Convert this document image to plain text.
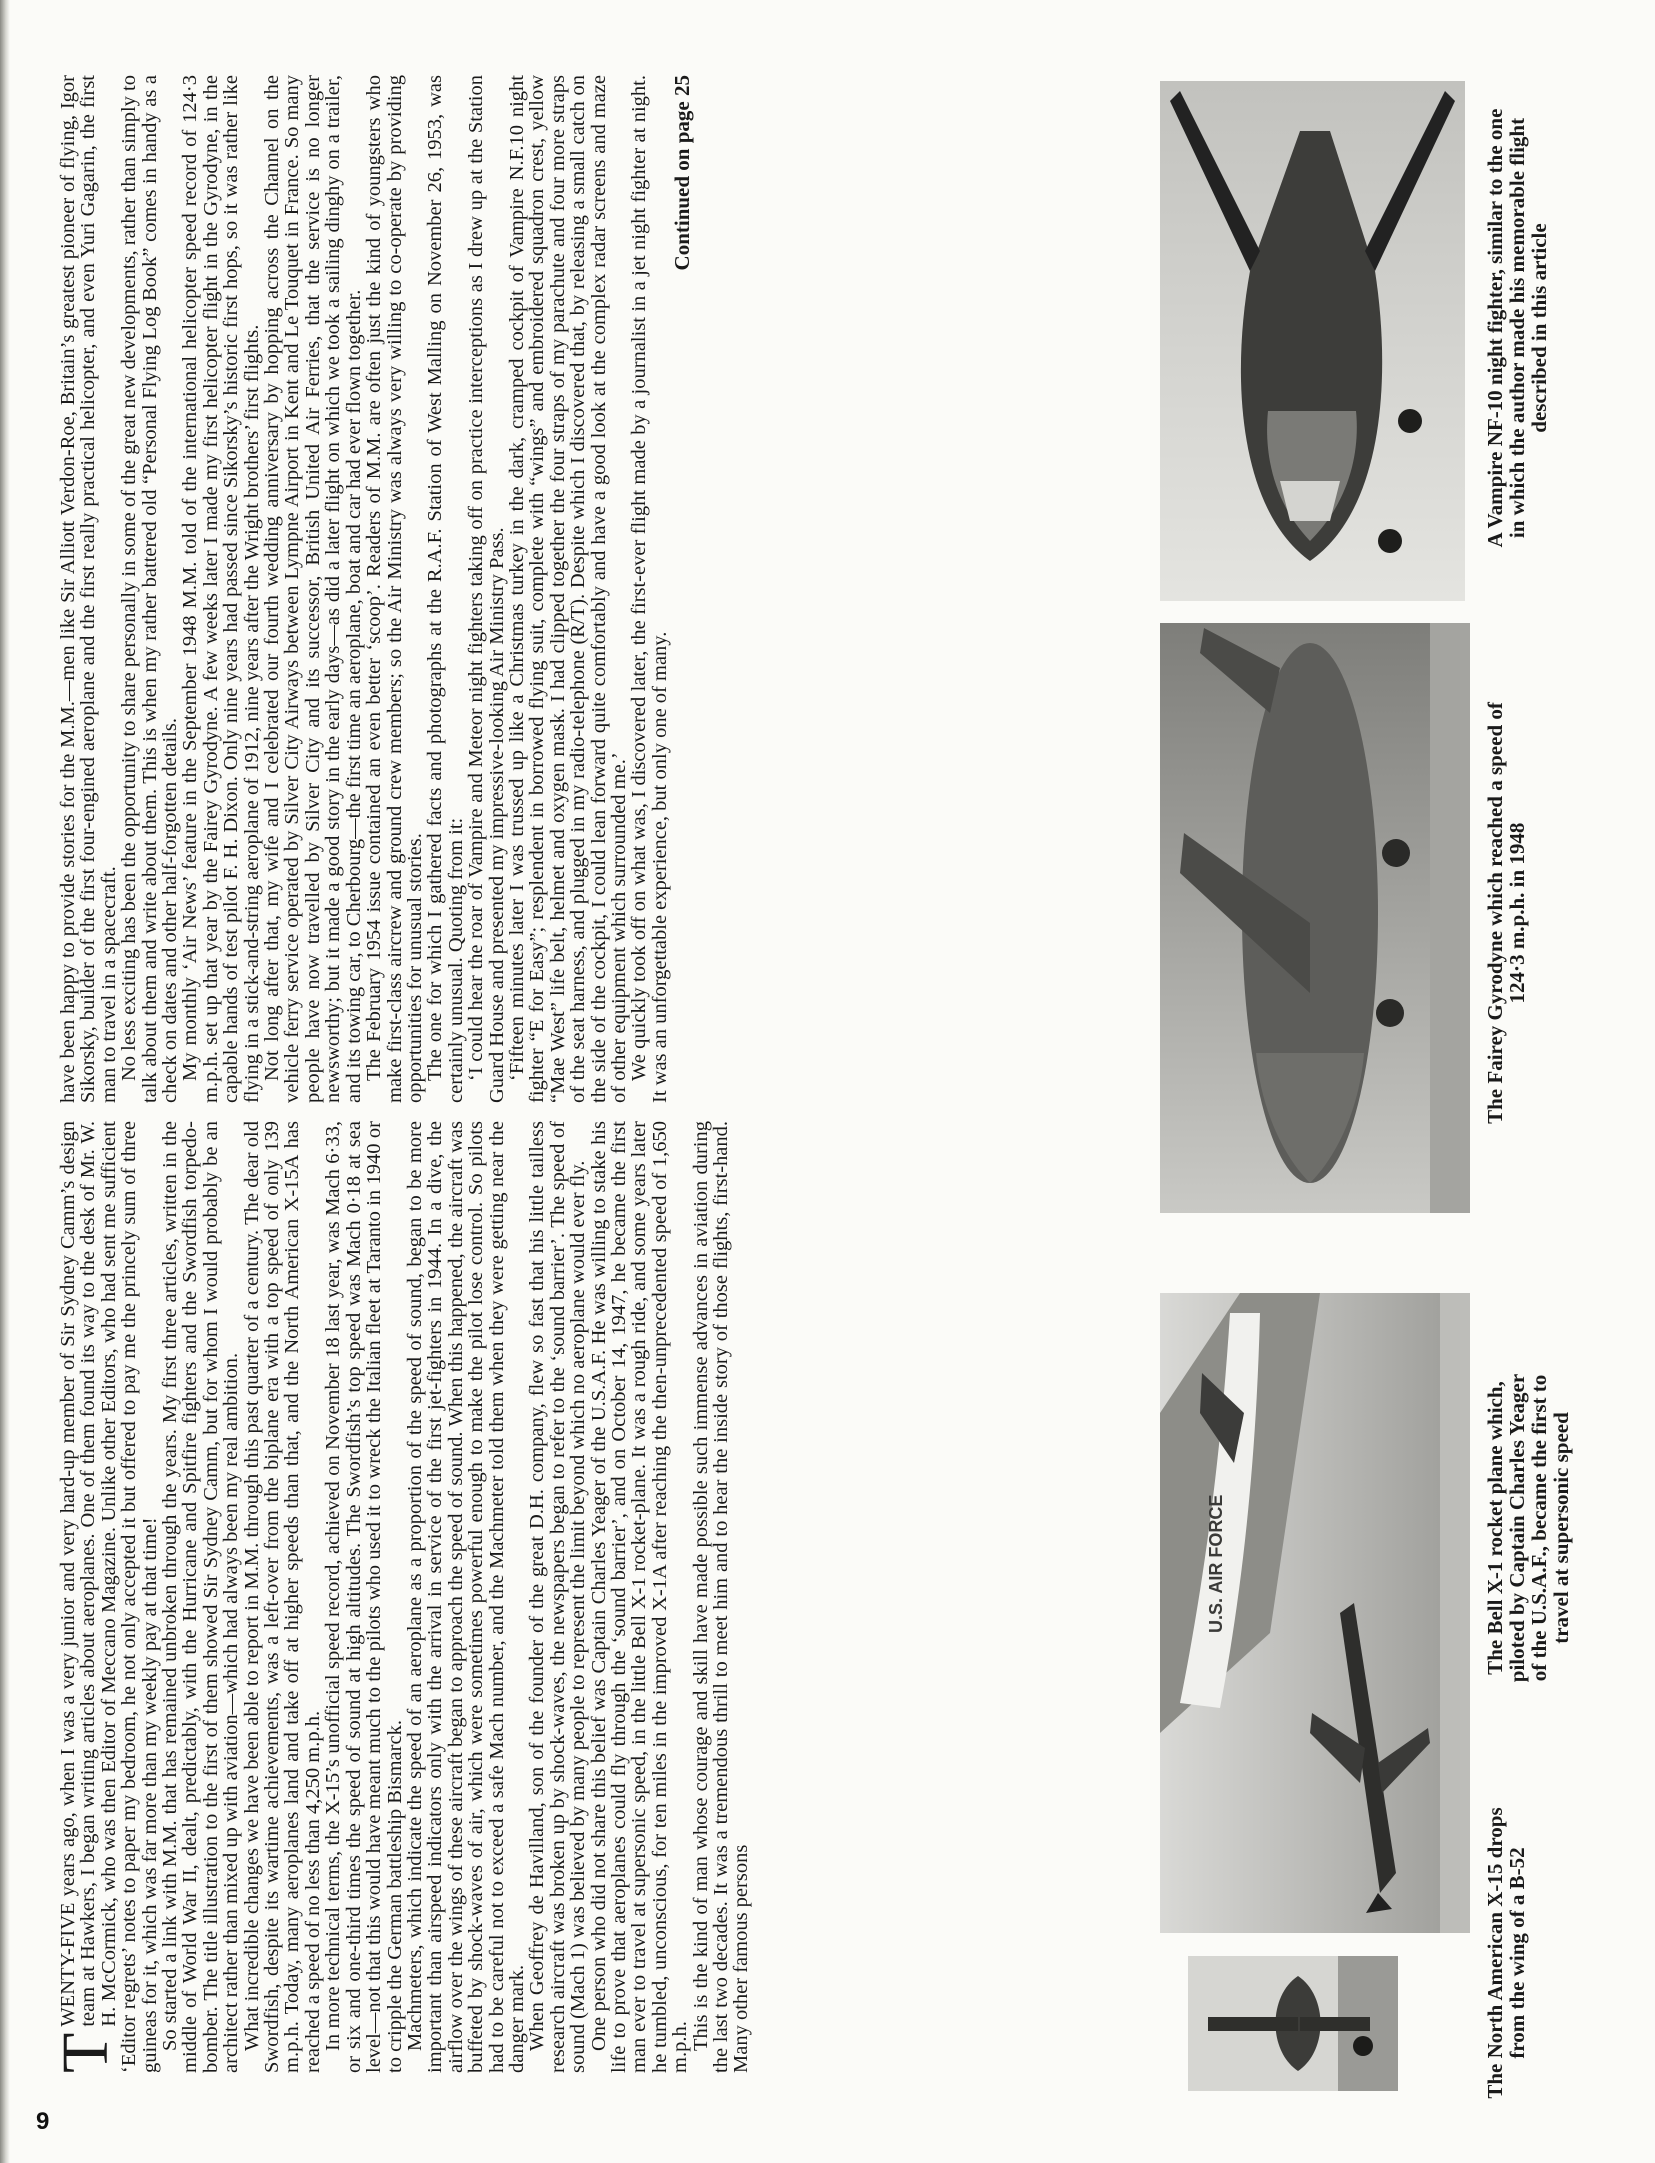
T
WENTY-FIVE years ago, when I was a very junior and very hard-up member of Sir Sydney Camm’s design team at Hawkers, I began writing articles about aeroplanes. One of them found its way to the desk of Mr. W. H. McCormick, who was then Editor of Meccano Magazine. Unlike other Editors, who had sent me sufficient ‘Editor regrets’ notes to paper my bedroom, he not only accepted it but offered to pay me the princely sum of three guineas for it, which was far more than my weekly pay at that time!

So started a link with M.M. that has remained unbroken through the years. My first three articles, written in the middle of World War II, dealt, predictably, with the Hurricane and Spitfire fighters and the Swordfish torpedo-bomber. The title illustration to the first of them showed Sir Sydney Camm, but for whom I would probably be an architect rather than mixed up with aviation—which had always been my real ambition.

What incredible changes we have been able to report in M.M. through this past quarter of a century. The dear old Swordfish, despite its wartime achievements, was a left-over from the biplane era with a top speed of only 139 m.p.h. Today, many aeroplanes land and take off at higher speeds than that, and the North American X-15A has reached a speed of no less than 4,250 m.p.h.

In more technical terms, the X-15’s unofficial speed record, achieved on November 18 last year, was Mach 6·33, or six and one-third times the speed of sound at high altitudes. The Swordfish’s top speed was Mach 0·18 at sea level—not that this would have meant much to the pilots who used it to wreck the Italian fleet at Taranto in 1940 or to cripple the German battleship Bismarck.

Machmeters, which indicate the speed of an aeroplane as a proportion of the speed of sound, began to be more important than airspeed indicators only with the arrival in service of the first jet-fighters in 1944. In a dive, the airflow over the wings of these aircraft began to approach the speed of sound. When this happened, the aircraft was buffeted by shock-waves of air, which were sometimes powerful enough to make the pilot lose control. So pilots had to be careful not to exceed a safe Mach number, and the Machmeter told them when they were getting near the danger mark.

When Geoffrey de Havilland, son of the founder of the great D.H. company, flew so fast that his little tailless research aircraft was broken up by shock-waves, the newspapers began to refer to the ‘sound barrier’. The speed of sound (Mach 1) was believed by many people to represent the limit beyond which no aeroplane would ever fly.

One person who did not share this belief was Captain Charles Yeager of the U.S.A.F. He was willing to stake his life to prove that aeroplanes could fly through the ‘sound barrier’, and on October 14, 1947, he became the first man ever to travel at supersonic speed, in the little Bell X-1 rocket-plane. It was a rough ride, and some years later he tumbled, unconscious, for ten miles in the improved X-1A after reaching the then-unprecedented speed of 1,650 m.p.h.

This is the kind of man whose courage and skill have made possible such immense advances in aviation during the last two decades. It was a tremendous thrill to meet him and to hear the inside story of those flights, first-hand. Many other famous persons

have been happy to provide stories for the M.M.—men like Sir Alliott Verdon-Roe, Britain’s greatest pioneer of flying, Igor Sikorsky, builder of the first four-engined aeroplane and the first really practical helicopter, and even Yuri Gagarin, the first man to travel in a spacecraft.

No less exciting has been the opportunity to share personally in some of the great new developments, rather than simply to talk about them and write about them. This is when my rather battered old “Personal Flying Log Book” comes in handy as a check on dates and other half-forgotten details.

My monthly ‘Air News’ feature in the September 1948 M.M. told of the international helicopter speed record of 124·3 m.p.h. set up that year by the Fairey Gyrodyne. A few weeks later I made my first helicopter flight in the Gyrodyne, in the capable hands of test pilot F. H. Dixon. Only nine years had passed since Sikorsky’s historic first hops, so it was rather like flying in a stick-and-string aeroplane of 1912, nine years after the Wright brothers’ first flights.

Not long after that, my wife and I celebrated our fourth wedding anniversary by hopping across the Channel on the vehicle ferry service operated by Silver City Airways between Lympne Airport in Kent and Le Touquet in France. So many people have now travelled by Silver City and its successor, British United Air Ferries, that the service is no longer newsworthy; but it made a good story in the early days—as did a later flight on which we took a sailing dinghy on a trailer, and its towing car, to Cherbourg—the first time an aeroplane, boat and car had ever flown together.

The February 1954 issue contained an even better ‘scoop’. Readers of M.M. are often just the kind of youngsters who make first-class aircrew and ground crew members; so the Air Ministry was always very willing to co-operate by providing opportunities for unusual stories.

The one for which I gathered facts and photographs at the R.A.F. Station of West Malling on November 26, 1953, was certainly unusual. Quoting from it:

‘I could hear the roar of Vampire and Meteor night fighters taking off on practice interceptions as I drew up at the Station Guard House and presented my impressive-looking Air Ministry Pass.

‘Fifteen minutes later I was trussed up like a Christmas turkey in the dark, cramped cockpit of Vampire N.F.10 night fighter “E for Easy”; resplendent in borrowed flying suit, complete with “wings” and embroidered squadron crest, yellow “Mae West” life belt, helmet and oxygen mask. I had clipped together the four straps of my parachute and four more straps of the seat harness, and plugged in my radio-telephone (R/T). Despite which I discovered that, by releasing a small catch on the side of the cockpit, I could lean forward quite comfortably and have a good look at the complex radar screens and maze of other equipment which surrounded me.’

We quickly took off on what was, I discovered later, the first-ever flight made by a journalist in a jet night fighter at night. It was an unforgettable experience, but only one of many.

Continued on page 25
U.S. AIR FORCE
The North American X-15 drops from the wing of a B-52
The Bell X-1 rocket plane which, piloted by Captain Charles Yeager of the U.S.A.F., became the first to travel at supersonic speed
The Fairey Gyrodyne which reached a speed of 124·3 m.p.h. in 1948
A Vampire NF-10 night fighter, similar to the one in which the author made his memorable flight described in this article
9
